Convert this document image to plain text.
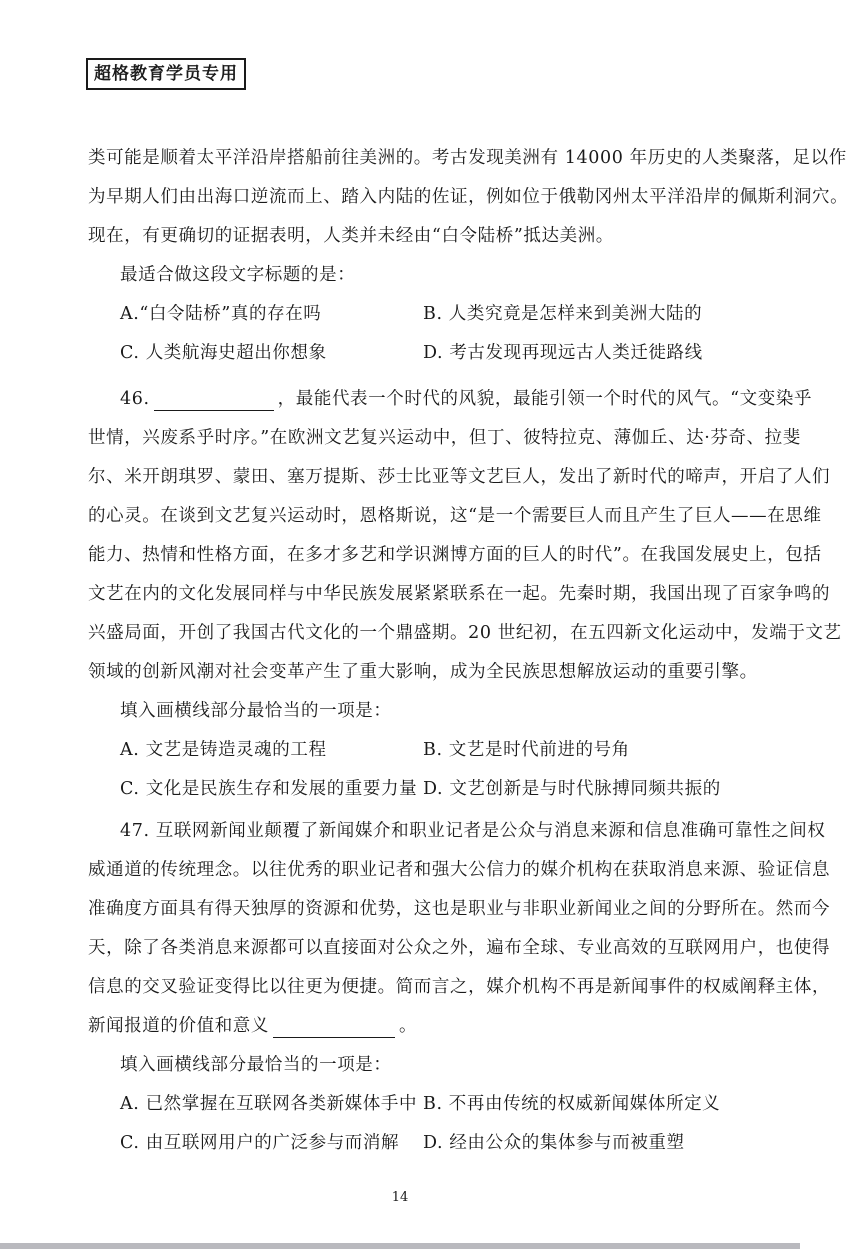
超格教育学员专用
类可能是顺着太平洋沿岸搭船前往美洲的。考古发现美洲有 14000 年历史的人类聚落，足以作
为早期人们由出海口逆流而上、踏入内陆的佐证，例如位于俄勒冈州太平洋沿岸的佩斯利洞穴。
现在，有更确切的证据表明，人类并未经由“白令陆桥”抵达美洲。
最适合做这段文字标题的是：
A.“白令陆桥”真的存在吗	B. 人类究竟是怎样来到美洲大陆的
C. 人类航海史超出你想象	D. 考古发现再现远古人类迁徙路线
46.	，最能代表一个时代的风貌，最能引领一个时代的风气。“文变染乎
世情，兴废系乎时序。”在欧洲文艺复兴运动中，但丁、彼特拉克、薄伽丘、达·芬奇、拉斐
尔、米开朗琪罗、蒙田、塞万提斯、莎士比亚等文艺巨人，发出了新时代的啼声，开启了人们
的心灵。在谈到文艺复兴运动时，恩格斯说，这“是一个需要巨人而且产生了巨人——在思维
能力、热情和性格方面，在多才多艺和学识渊博方面的巨人的时代”。在我国发展史上，包括
文艺在内的文化发展同样与中华民族发展紧紧联系在一起。先秦时期，我国出现了百家争鸣的
兴盛局面，开创了我国古代文化的一个鼎盛期。20 世纪初，在五四新文化运动中，发端于文艺
领域的创新风潮对社会变革产生了重大影响，成为全民族思想解放运动的重要引擎。
填入画横线部分最恰当的一项是：
A. 文艺是铸造灵魂的工程	B. 文艺是时代前进的号角
C. 文化是民族生存和发展的重要力量 D. 文艺创新是与时代脉搏同频共振的
47. 互联网新闻业颠覆了新闻媒介和职业记者是公众与消息来源和信息准确可靠性之间权
威通道的传统理念。以往优秀的职业记者和强大公信力的媒介机构在获取消息来源、验证信息
准确度方面具有得天独厚的资源和优势，这也是职业与非职业新闻业之间的分野所在。然而今
天，除了各类消息来源都可以直接面对公众之外，遍布全球、专业高效的互联网用户，也使得
信息的交叉验证变得比以往更为便捷。简而言之，媒介机构不再是新闻事件的权威阐释主体，
新闻报道的价值和意义	。
填入画横线部分最恰当的一项是：
A. 已然掌握在互联网各类新媒体手中 B. 不再由传统的权威新闻媒体所定义
C. 由互联网用户的广泛参与而消解	D. 经由公众的集体参与而被重塑
14
